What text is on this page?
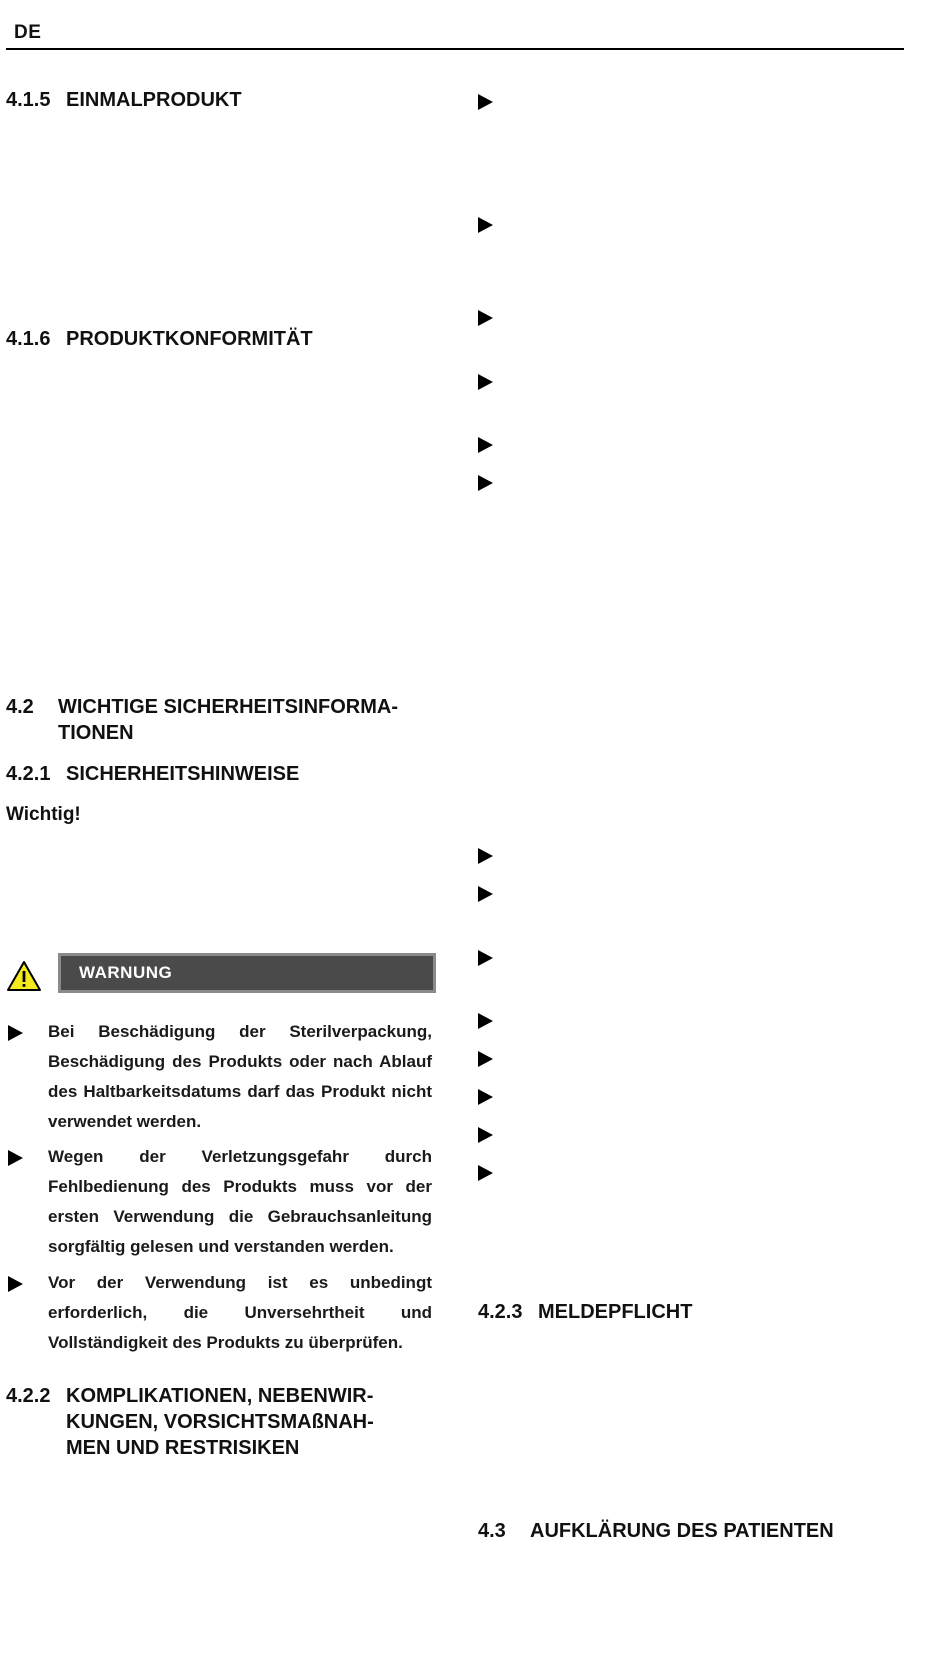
DE
4.1.5 EINMALPRODUKT
4.1.6 PRODUKTKONFORMITÄT
4.2 WICHTIGE SICHERHEITSINFORMA-
TIONEN
4.2.1 SICHERHEITSHINWEISE
Wichtig!
WARNUNG
Bei Beschädigung der Sterilverpackung, Beschädigung des Produkts oder nach Ablauf des Haltbarkeitsdatums darf das Produkt nicht verwendet werden.
Wegen der Verletzungsgefahr durch Fehlbedienung des Produkts muss vor der ersten Verwendung die Gebrauchsanleitung sorgfältig gelesen und verstanden werden.
Vor der Verwendung ist es unbedingt erforderlich, die Unversehrtheit und Vollständigkeit des Produkts zu überprüfen.
4.2.2 KOMPLIKATIONEN, NEBENWIR-
KUNGEN, VORSICHTSMAßNAH-
MEN UND RESTRISIKEN
4.2.3 MELDEPFLICHT
4.3 AUFKLÄRUNG DES PATIENTEN
